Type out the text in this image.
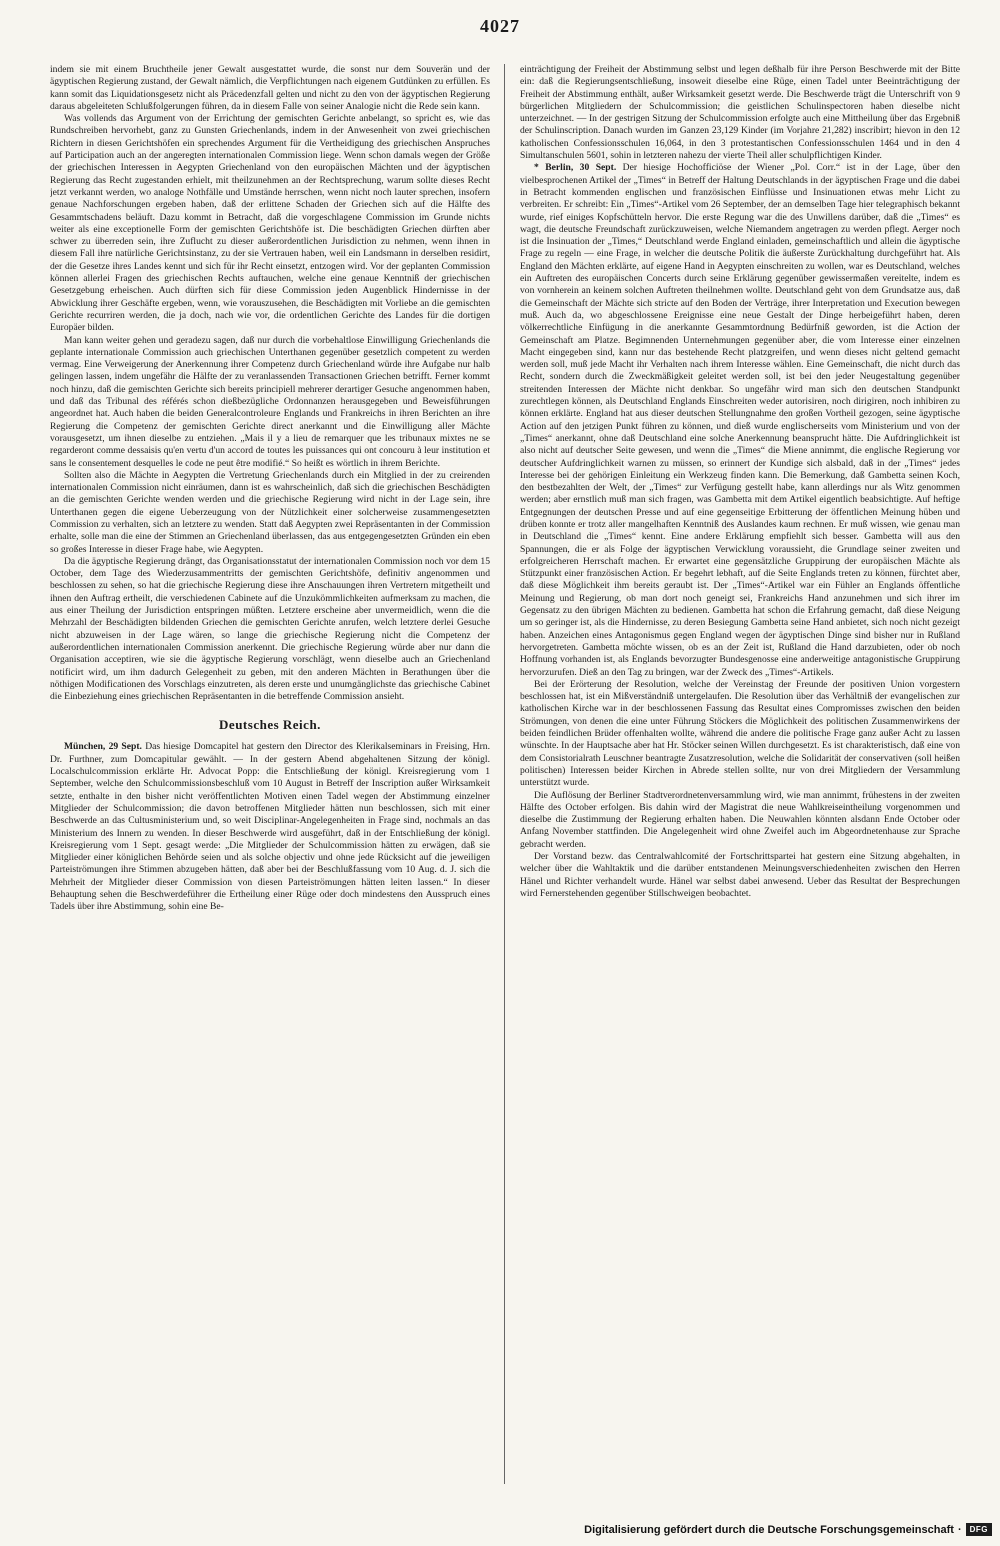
4027

indem sie mit einem Bruchtheile jener Gewalt ausgestattet wurde, die sonst nur dem Souverän und der ägyptischen Regierung zustand, der Gewalt nämlich, die Verpflichtungen nach eigenem Gutdünken zu erfüllen. Es kann somit das Liquidationsgesetz nicht als Präcedenzfall gelten und nicht zu den von der ägyptischen Regierung daraus abgeleiteten Schlußfolgerungen führen, da in diesem Falle von seiner Analogie nicht die Rede sein kann.

Was vollends das Argument von der Errichtung der gemischten Gerichte anbelangt, so spricht es, wie das Rundschreiben hervorhebt, ganz zu Gunsten Griechenlands, indem in der Anwesenheit von zwei griechischen Richtern in diesen Gerichtshöfen ein sprechendes Argument für die Vertheidigung des griechischen Anspruches auf Participation auch an der angeregten internationalen Commission liege. Wenn schon damals wegen der Größe der griechischen Interessen in Aegypten Griechenland von den europäischen Mächten und der ägyptischen Regierung das Recht zugestanden erhielt, mit theilzunehmen an der Rechtsprechung, warum sollte dieses Recht jetzt verkannt werden, wo analoge Nothfälle und Umstände herrschen, wenn nicht noch lauter sprechen, insofern genaue Nachforschungen ergeben haben, daß der erlittene Schaden der Griechen sich auf die Hälfte des Gesammtschadens beläuft. Dazu kommt in Betracht, daß die vorgeschlagene Commission im Grunde nichts weiter als eine exceptionelle Form der gemischten Gerichtshöfe ist. Die beschädigten Griechen dürften aber schwer zu überreden sein, ihre Zuflucht zu dieser außerordentlichen Jurisdiction zu nehmen, wenn ihnen in diesem Fall ihre natürliche Gerichtsinstanz, zu der sie Vertrauen haben, weil ein Landsmann in derselben residirt, der die Gesetze ihres Landes kennt und sich für ihr Recht einsetzt, entzogen wird. Vor der geplanten Commission können allerlei Fragen des griechischen Rechts auftauchen, welche eine genaue Kenntniß der griechischen Gesetzgebung erheischen. Auch dürften sich für diese Commission jeden Augenblick Hindernisse in der Abwicklung ihrer Geschäfte ergeben, wenn, wie vorauszusehen, die Beschädigten mit Vorliebe an die gemischten Gerichte recurriren werden, die ja doch, nach wie vor, die ordentlichen Gerichte des Landes für die dortigen Europäer bilden.

Man kann weiter gehen und geradezu sagen, daß nur durch die vorbehaltlose Einwilligung Griechenlands die geplante internationale Commission auch griechischen Unterthanen gegenüber gesetzlich competent zu werden vermag. Eine Verweigerung der Anerkennung ihrer Competenz durch Griechenland würde ihre Aufgabe nur halb gelingen lassen, indem ungefähr die Hälfte der zu veranlassenden Transactionen Griechen betrifft. Ferner kommt noch hinzu, daß die gemischten Gerichte sich bereits principiell mehrerer derartiger Gesuche angenommen haben, und daß das Tribunal des référés schon dießbezügliche Ordonnanzen herausgegeben und Beweisführungen angeordnet hat. Auch haben die beiden Generalcontroleure Englands und Frankreichs in ihren Berichten an ihre Regierung die Competenz der gemischten Gerichte direct anerkannt und die Einwilligung aller Mächte vorausgesetzt, um ihnen dieselbe zu entziehen. „Mais il y a lieu de remarquer que les tribunaux mixtes ne se regarderont comme dessaisis qu'en vertu d'un accord de toutes les puissances qui ont concouru à leur institution et sans le consentement desquelles le code ne peut être modifié.“ So heißt es wörtlich in ihrem Berichte.

Sollten also die Mächte in Aegypten die Vertretung Griechenlands durch ein Mitglied in der zu creirenden internationalen Commission nicht einräumen, dann ist es wahrscheinlich, daß sich die griechischen Beschädigten an die gemischten Gerichte wenden werden und die griechische Regierung wird nicht in der Lage sein, ihre Unterthanen gegen die eigene Ueberzeugung von der Nützlichkeit einer solcherweise zusammengesetzten Commission zu verhalten, sich an letztere zu wenden. Statt daß Aegypten zwei Repräsentanten in der Commission erhalte, solle man die eine der Stimmen an Griechenland überlassen, das aus entgegengesetzten Gründen ein eben so großes Interesse in dieser Frage habe, wie Aegypten.

Da die ägyptische Regierung drängt, das Organisationsstatut der internationalen Commission noch vor dem 15 October, dem Tage des Wiederzusammentritts der gemischten Gerichtshöfe, definitiv angenommen und beschlossen zu sehen, so hat die griechische Regierung diese ihre Anschauungen ihren Vertretern mitgetheilt und ihnen den Auftrag ertheilt, die verschiedenen Cabinete auf die Unzukömmlichkeiten aufmerksam zu machen, die aus einer Theilung der Jurisdiction entspringen müßten. Letztere erscheine aber unvermeidlich, wenn die die Mehrzahl der Beschädigten bildenden Griechen die gemischten Gerichte anrufen, welch letztere derlei Gesuche nicht abzuweisen in der Lage wären, so lange die griechische Regierung nicht die Competenz der außerordentlichen internationalen Commission anerkennt. Die griechische Regierung würde aber nur dann die Organisation acceptiren, wie sie die ägyptische Regierung vorschlägt, wenn dieselbe auch an Griechenland notificirt wird, um ihm dadurch Gelegenheit zu geben, mit den anderen Mächten in Berathungen über die nöthigen Modificationen des Vorschlags einzutreten, als deren erste und unumgänglichste das griechische Cabinet die Einbeziehung eines griechischen Repräsentanten in die betreffende Commission ansieht.

Deutsches Reich.

München, 29 Sept. Das hiesige Domcapitel hat gestern den Director des Klerikalseminars in Freising, Hrn. Dr. Furthner, zum Domcapitular gewählt. — In der gestern Abend abgehaltenen Sitzung der königl. Localschulcommission erklärte Hr. Advocat Popp: die Entschließung der königl. Kreisregierung vom 1 September, welche den Schulcommissionsbeschluß vom 10 August in Betreff der Inscription außer Wirksamkeit setzte, enthalte in den bisher nicht veröffentlichten Motiven einen Tadel wegen der Abstimmung einzelner Mitglieder der Schulcommission; die davon betroffenen Mitglieder hätten nun beschlossen, sich mit einer Beschwerde an das Cultusministerium und, so weit Disciplinar-Angelegenheiten in Frage sind, nochmals an das Ministerium des Innern zu wenden. In dieser Beschwerde wird ausgeführt, daß in der Entschließung der königl. Kreisregierung vom 1 Sept. gesagt werde: „Die Mitglieder der Schulcommission hätten zu erwägen, daß sie Mitglieder einer königlichen Behörde seien und als solche objectiv und ohne jede Rücksicht auf die jeweiligen Parteiströmungen ihre Stimmen abzugeben hätten, daß aber bei der Beschlußfassung vom 10 Aug. d. J. sich die Mehrheit der Mitglieder dieser Commission von diesen Parteiströmungen hätten leiten lassen.“ In dieser Behauptung sehen die Beschwerdeführer die Ertheilung einer Rüge oder doch mindestens den Ausspruch eines Tadels über ihre Abstimmung, sohin eine Be-

einträchtigung der Freiheit der Abstimmung selbst und legen deßhalb für ihre Person Beschwerde mit der Bitte ein: daß die Regierungsentschließung, insoweit dieselbe eine Rüge, einen Tadel unter Beeinträchtigung der Freiheit der Abstimmung enthält, außer Wirksamkeit gesetzt werde. Die Beschwerde trägt die Unterschrift von 9 bürgerlichen Mitgliedern der Schulcommission; die geistlichen Schulinspectoren haben dieselbe nicht unterzeichnet. — In der gestrigen Sitzung der Schulcommission erfolgte auch eine Mittheilung über das Ergebniß der Schulinscription. Danach wurden im Ganzen 23,129 Kinder (im Vorjahre 21,282) inscribirt; hievon in den 12 katholischen Confessionsschulen 16,064, in den 3 protestantischen Confessionsschulen 1464 und in den 4 Simultanschulen 5601, sohin in letzteren nahezu der vierte Theil aller schulpflichtigen Kinder.

* Berlin, 30 Sept. Der hiesige Hochofficiöse der Wiener „Pol. Corr.“ ist in der Lage, über den vielbesprochenen Artikel der „Times“ in Betreff der Haltung Deutschlands in der ägyptischen Frage und die dabei in Betracht kommenden englischen und französischen Einflüsse und Insinuationen etwas mehr Licht zu verbreiten. Er schreibt: Ein „Times“-Artikel vom 26 September, der an demselben Tage hier telegraphisch bekannt wurde, rief einiges Kopfschütteln hervor. Die erste Regung war die des Unwillens darüber, daß die „Times“ es wagt, die deutsche Freundschaft zurückzuweisen, welche Niemandem angetragen zu werden pflegt. Aerger noch ist die Insinuation der „Times,“ Deutschland werde England einladen, gemeinschaftlich und allein die ägyptische Frage zu regeln — eine Frage, in welcher die deutsche Politik die äußerste Zurückhaltung durchgeführt hat. Als England den Mächten erklärte, auf eigene Hand in Aegypten einschreiten zu wollen, war es Deutschland, welches ein Auftreten des europäischen Concerts durch seine Erklärung gegenüber gewissermaßen vereitelte, indem es von vornherein an keinem solchen Auftreten theilnehmen wollte. Deutschland geht von dem Grundsatze aus, daß die Gemeinschaft der Mächte sich stricte auf den Boden der Verträge, ihrer Interpretation und Execution bewegen muß. Auch da, wo abgeschlossene Ereignisse eine neue Gestalt der Dinge herbeigeführt haben, deren völkerrechtliche Einfügung in die anerkannte Gesammtordnung Bedürfniß geworden, ist die Action der Gemeinschaft am Platze. Begimnenden Unternehmungen gegenüber aber, die vom Interesse einer einzelnen Macht eingegeben sind, kann nur das bestehende Recht platzgreifen, und wenn dieses nicht geltend gemacht werden soll, muß jede Macht ihr Verhalten nach ihrem Interesse wählen. Eine Gemeinschaft, die nicht durch das Recht, sondern durch die Zweckmäßigkeit geleitet werden soll, ist bei den jeder Neugestaltung gegenüber streitenden Interessen der Mächte nicht denkbar. So ungefähr wird man sich den deutschen Standpunkt zurechtlegen können, als Deutschland Englands Einschreiten weder autorisiren, noch dirigiren, noch inhibiren zu können erklärte. England hat aus dieser deutschen Stellungnahme den großen Vortheil gezogen, seine ägyptische Action auf den jetzigen Punkt führen zu können, und dieß wurde englischerseits vom Ministerium und von der „Times“ anerkannt, ohne daß Deutschland eine solche Anerkennung beansprucht hätte. Die Aufdringlichkeit ist also nicht auf deutscher Seite gewesen, und wenn die „Times“ die Miene annimmt, die englische Regierung vor deutscher Aufdringlichkeit warnen zu müssen, so erinnert der Kundige sich alsbald, daß in der „Times“ jedes Interesse bei der gehörigen Einleitung ein Werkzeug finden kann. Die Bemerkung, daß Gambetta seinen Koch, den bestbezahlten der Welt, der „Times“ zur Verfügung gestellt habe, kann allerdings nur als Witz genommen werden; aber ernstlich muß man sich fragen, was Gambetta mit dem Artikel eigentlich beabsichtigte. Auf heftige Entgegnungen der deutschen Presse und auf eine gegenseitige Erbitterung der öffentlichen Meinung hüben und drüben konnte er trotz aller mangelhaften Kenntniß des Auslandes kaum rechnen. Er muß wissen, wie genau man in Deutschland die „Times“ kennt. Eine andere Erklärung empfiehlt sich besser. Gambetta will aus den Spannungen, die er als Folge der ägyptischen Verwicklung voraussieht, die Grundlage seiner zweiten und erfolgreicheren Herrschaft machen. Er erwartet eine gegensätzliche Gruppirung der europäischen Mächte als Stützpunkt einer französischen Action. Er begehrt lebhaft, auf die Seite Englands treten zu können, fürchtet aber, daß diese Möglichkeit ihm bereits geraubt ist. Der „Times“-Artikel war ein Fühler an Englands öffentliche Meinung und Regierung, ob man dort noch geneigt sei, Frankreichs Hand anzunehmen und sich ihrer im Gegensatz zu den übrigen Mächten zu bedienen. Gambetta hat schon die Erfahrung gemacht, daß diese Neigung um so geringer ist, als die Hindernisse, zu deren Besiegung Gambetta seine Hand anbietet, sich noch nicht gezeigt haben. Anzeichen eines Antagonismus gegen England wegen der ägyptischen Dinge sind bisher nur in Rußland hervorgetreten. Gambetta möchte wissen, ob es an der Zeit ist, Rußland die Hand darzubieten, oder ob noch Hoffnung vorhanden ist, als Englands bevorzugter Bundesgenosse eine anderweitige antagonistische Gruppirung hervorzurufen. Dieß an den Tag zu bringen, war der Zweck des „Times“-Artikels.

Bei der Erörterung der Resolution, welche der Vereinstag der Freunde der positiven Union vorgestern beschlossen hat, ist ein Mißverständniß untergelaufen. Die Resolution über das Verhältniß der evangelischen zur katholischen Kirche war in der beschlossenen Fassung das Resultat eines Compromisses zwischen den beiden Strömungen, von denen die eine unter Führung Stöckers die Möglichkeit des politischen Zusammenwirkens der beiden feindlichen Brüder offenhalten wollte, während die andere die politische Frage ganz außer Acht zu lassen wünschte. In der Hauptsache aber hat Hr. Stöcker seinen Willen durchgesetzt. Es ist charakteristisch, daß eine von dem Consistorialrath Leuschner beantragte Zusatzresolution, welche die Solidarität der conservativen (soll heißen politischen) Interessen beider Kirchen in Abrede stellen sollte, nur von drei Mitgliedern der Versammlung unterstützt wurde.

Die Auflösung der Berliner Stadtverordnetenversammlung wird, wie man annimmt, frühestens in der zweiten Hälfte des October erfolgen. Bis dahin wird der Magistrat die neue Wahlkreiseintheilung vorgenommen und dieselbe die Zustimmung der Regierung erhalten haben. Die Neuwahlen könnten alsdann Ende October oder Anfang November stattfinden. Die Angelegenheit wird ohne Zweifel auch im Abgeordnetenhause zur Sprache gebracht werden.

Der Vorstand bezw. das Centralwahlcomité der Fortschrittspartei hat gestern eine Sitzung abgehalten, in welcher über die Wahltaktik und die darüber entstandenen Meinungsverschiedenheiten zwischen den Herren Hänel und Richter verhandelt wurde. Hänel war selbst dabei anwesend. Ueber das Resultat der Besprechungen wird Fernerstehenden gegenüber Stillschweigen beobachtet.

Digitalisierung gefördert durch die Deutsche Forschungsgemeinschaft ·	DFG
